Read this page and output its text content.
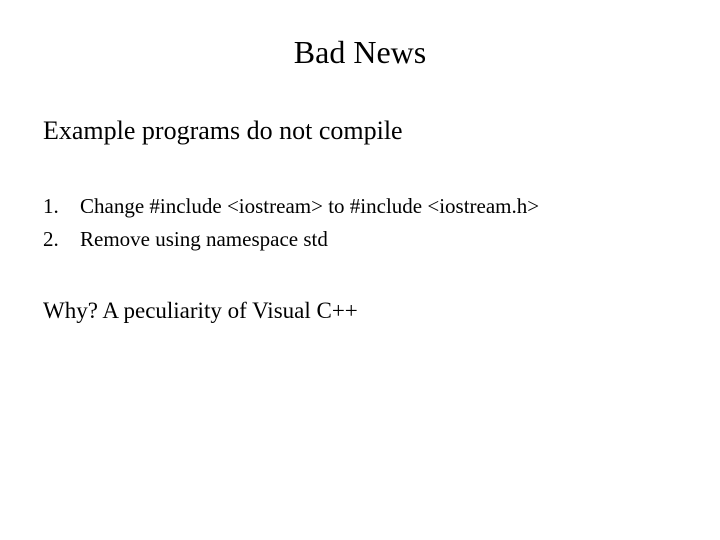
Bad News
Example programs do not compile
1.	Change #include <iostream> to #include <iostream.h>
2.	Remove using namespace std
Why? A peculiarity of Visual C++
